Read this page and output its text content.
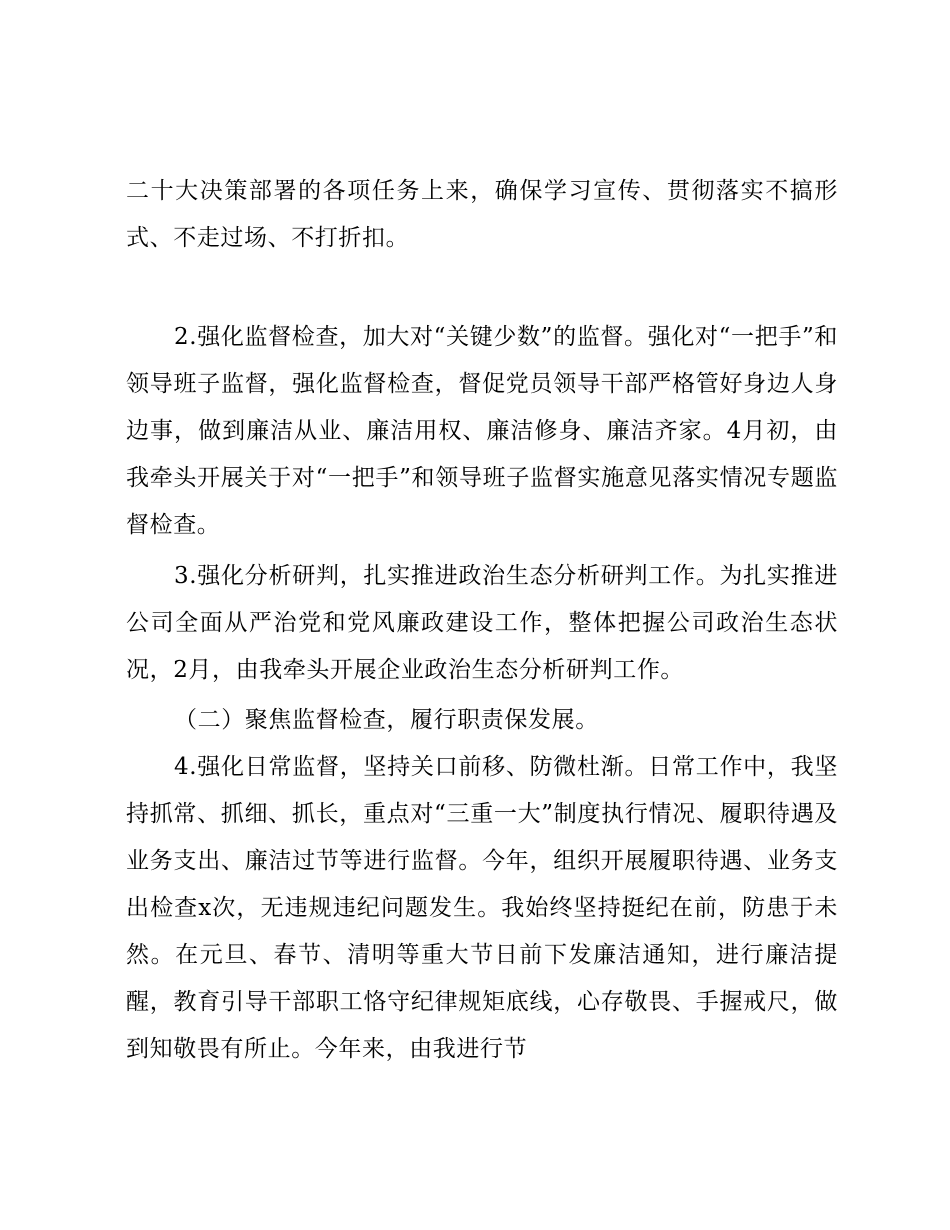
二十大决策部署的各项任务上来，确保学习宣传、贯彻落实不搞形式、不走过场、不打折扣。

2.强化监督检查，加大对“关键少数”的监督。强化对“一把手”和领导班子监督，强化监督检查，督促党员领导干部严格管好身边人身边事，做到廉洁从业、廉洁用权、廉洁修身、廉洁齐家。4月初，由我牵头开展关于对“一把手”和领导班子监督实施意见落实情况专题监督检查。

3.强化分析研判，扎实推进政治生态分析研判工作。为扎实推进公司全面从严治党和党风廉政建设工作，整体把握公司政治生态状况，2月，由我牵头开展企业政治生态分析研判工作。

（二）聚焦监督检查，履行职责保发展。

4.强化日常监督，坚持关口前移、防微杜渐。日常工作中，我坚持抓常、抓细、抓长，重点对“三重一大”制度执行情况、履职待遇及业务支出、廉洁过节等进行监督。今年，组织开展履职待遇、业务支出检查x次，无违规违纪问题发生。我始终坚持挺纪在前，防患于未然。在元旦、春节、清明等重大节日前下发廉洁通知，进行廉洁提醒，教育引导干部职工恪守纪律规矩底线，心存敬畏、手握戒尺，做到知敬畏有所止。今年来，由我进行节
